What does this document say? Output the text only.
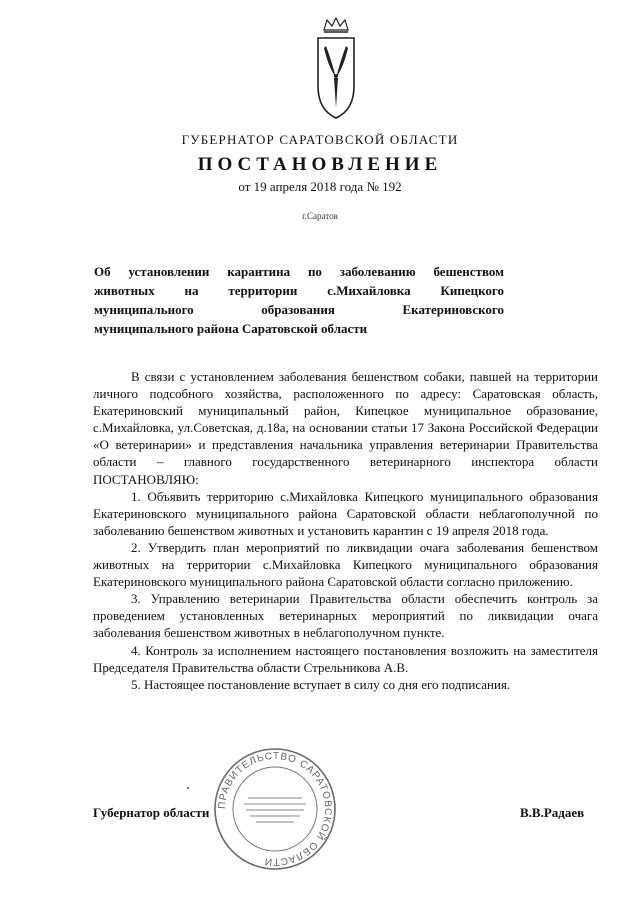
ГУБЕРНАТОР САРАТОВСКОЙ ОБЛАСТИ
ПОСТАНОВЛЕНИЕ
от 19 апреля 2018 года № 192
г.Саратов
Об установлении карантина по заболеванию бешенством
животных на территории с.Михайловка Кипецкого
муниципального образования Екатериновского
муниципального района Саратовской области

В связи с установлением заболевания бешенством собаки, павшей на территории личного подсобного хозяйства, расположенного по адресу: Саратовская область, Екатериновский муниципальный район, Кипецкое муниципальное образование, с.Михайловка, ул.Советская, д.18а, на основании статьи 17 Закона Российской Федерации «О ветеринарии» и представления начальника управления ветеринарии Правительства области – главного государственного ветеринарного инспектора области ПОСТАНОВЛЯЮ:

1. Объявить территорию с.Михайловка Кипецкого муниципального образования Екатериновского муниципального района Саратовской области неблагополучной по заболеванию бешенством животных и установить карантин с 19 апреля 2018 года.

2. Утвердить план мероприятий по ликвидации очага заболевания бешенством животных на территории с.Михайловка Кипецкого муниципального образования Екатериновского муниципального района Саратовской области согласно приложению.

3. Управлению ветеринарии Правительства области обеспечить контроль за проведением установленных ветеринарных мероприятий по ликвидации очага заболевания бешенством животных в неблагополучном пункте.

4. Контроль за исполнением настоящего постановления возложить на заместителя Председателя Правительства области Стрельникова А.В.

5. Настоящее постановление вступает в силу со дня его подписания.

ПРАВИТЕЛЬСТВО САРАТОВСКОЙ ОБЛАСТИ
Губернатор области	В.В.Радаев
